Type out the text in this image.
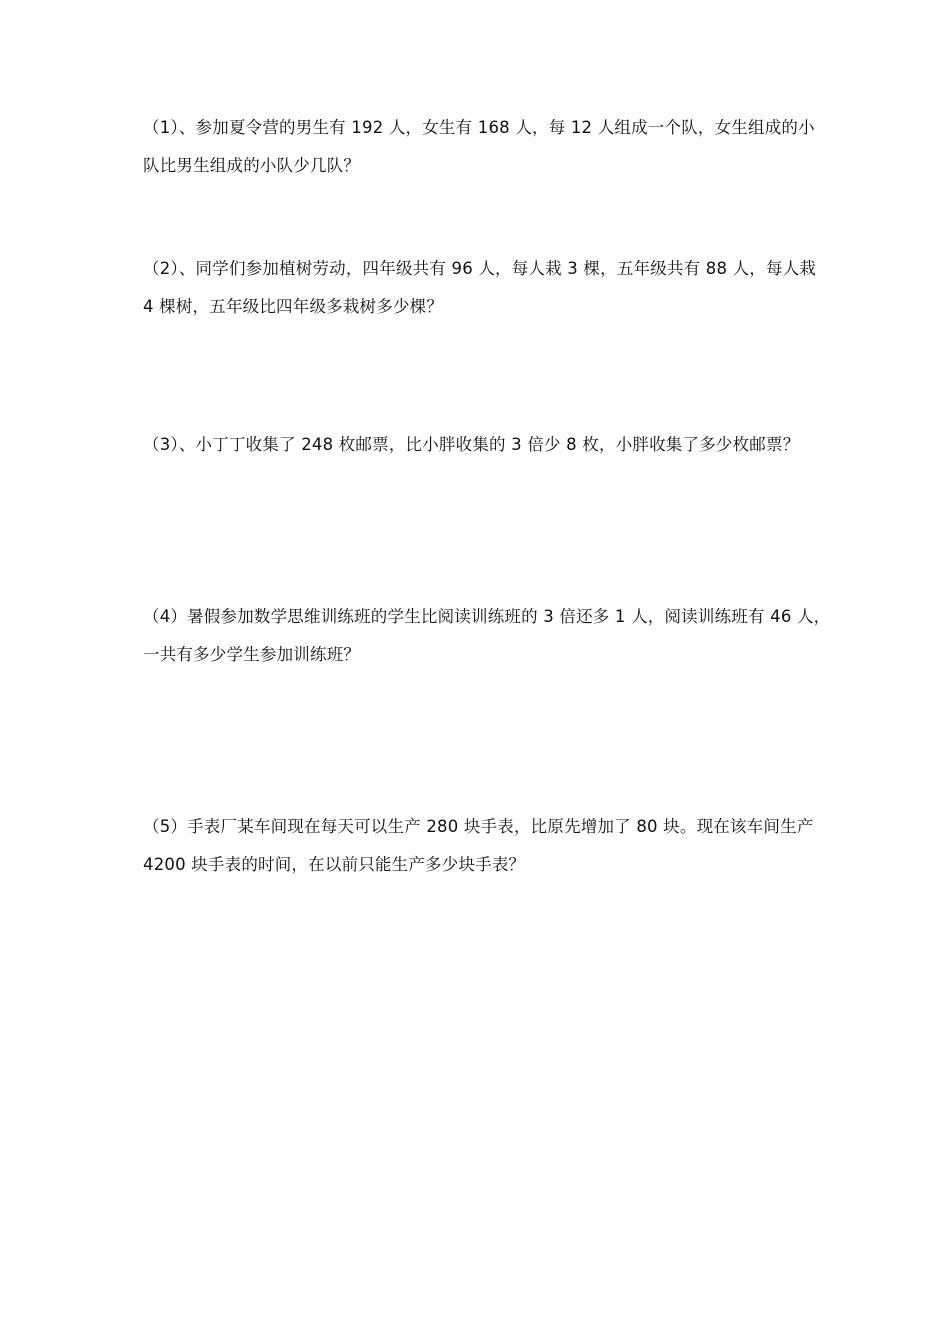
（1）、参加夏令营的男生有 192 人，女生有 168 人，每 12 人组成一个队，女生组成的小
队比男生组成的小队少几队？
（2）、同学们参加植树劳动，四年级共有 96 人，每人栽 3 棵，五年级共有 88 人，每人栽
4 棵树，五年级比四年级多栽树多少棵？
（3）、小丁丁收集了 248 枚邮票，比小胖收集的 3 倍少 8 枚，小胖收集了多少枚邮票？
（4）暑假参加数学思维训练班的学生比阅读训练班的 3 倍还多 1 人，阅读训练班有 46 人，
一共有多少学生参加训练班？
（5）手表厂某车间现在每天可以生产 280 块手表，比原先增加了 80 块。现在该车间生产
4200 块手表的时间，在以前只能生产多少块手表？
